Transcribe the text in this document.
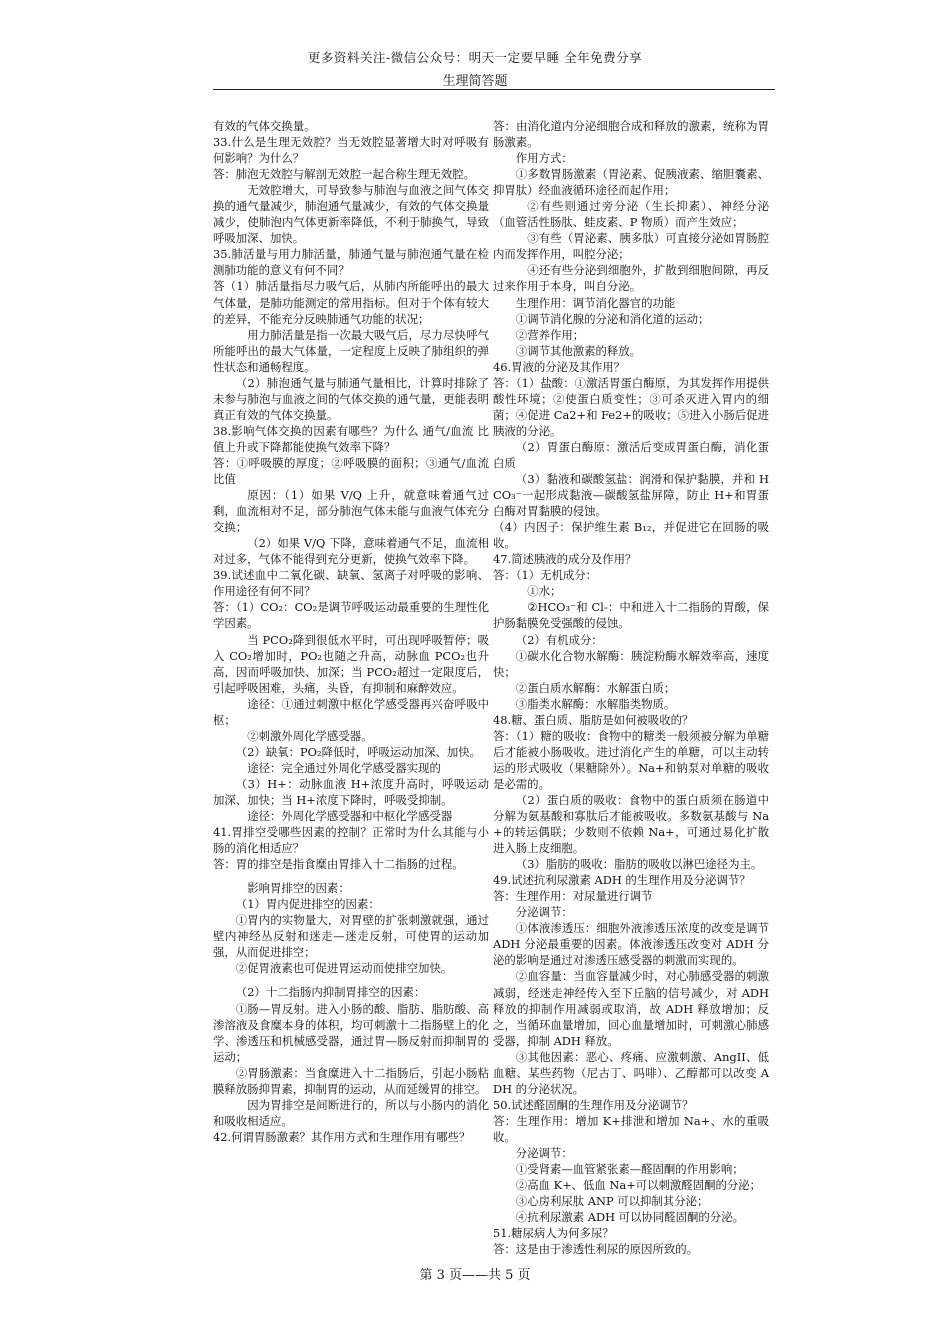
更多资料关注-微信公众号：明天一定要早睡 全年免费分享
生理简答题

有效的气体交换量。

33.什么是生理无效腔？当无效腔显著增大时对呼吸有何影响？为什么？

答：肺泡无效腔与解剖无效腔一起合称生理无效腔。

无效腔增大，可导致参与肺泡与血液之间气体交换的通气量减少，肺泡通气量减少，有效的气体交换量减少，使肺泡内气体更新率降低，不利于肺换气，导致呼吸加深、加快。

35.肺活量与用力肺活量，肺通气量与肺泡通气量在检测肺功能的意义有何不同？

答（1）肺活量指尽力吸气后，从肺内所能呼出的最大气体量，是肺功能测定的常用指标。但对于个体有较大的差异，不能充分反映肺通气功能的状况；

用力肺活量是指一次最大吸气后，尽力尽快呼气所能呼出的最大气体量，一定程度上反映了肺组织的弹性状态和通畅程度。

（2）肺泡通气量与肺通气量相比，计算时排除了未参与肺泡与血液之间的气体交换的通气量，更能表明真正有效的气体交换量。

38.影响气体交换的因素有哪些？为什么 通气/血流 比值上升或下降都能使换气效率下降？

答：①呼吸膜的厚度；②呼吸膜的面积；③通气/血流 比值

原因：（1）如果 V/Q 上升，就意味着通气过剩，血流相对不足，部分肺泡气体未能与血液气体充分交换；

（2）如果 V/Q 下降，意味着通气不足，血流相对过多，气体不能得到充分更新，使换气效率下降。

39.试述血中二氧化碳、缺氧、氢离子对呼吸的影响、作用途径有何不同？

答：（1）CO₂：CO₂是调节呼吸运动最重要的生理性化学因素。

当 PCO₂降到很低水平时，可出现呼吸暂停；吸入 CO₂增加时，PO₂也随之升高，动脉血 PCO₂也升高，因而呼吸加快、加深；当 PCO₂超过一定限度后，引起呼吸困难，头痛，头昏，有抑制和麻醉效应。

途径：①通过刺激中枢化学感受器再兴奋呼吸中枢；

②刺激外周化学感受器。

（2）缺氧：PO₂降低时，呼吸运动加深、加快。

途径：完全通过外周化学感受器实现的

（3）H+：动脉血液 H+浓度升高时，呼吸运动加深、加快；当 H+浓度下降时，呼吸受抑制。

途径：外周化学感受器和中枢化学感受器

41.胃排空受哪些因素的控制？正常时为什么其能与小肠的消化相适应？

答：胃的排空是指食糜由胃排入十二指肠的过程。

影响胃排空的因素：

（1）胃内促进排空的因素：

①胃内的实物量大，对胃壁的扩张刺激就强，通过壁内神经丛反射和迷走—迷走反射，可使胃的运动加强，从而促进排空；

②促胃液素也可促进胃运动而使排空加快。

（2）十二指肠内抑制胃排空的因素：

①肠—胃反射。进入小肠的酸、脂肪、脂肪酸、高渗溶液及食糜本身的体积，均可刺激十二指肠壁上的化学、渗透压和机械感受器，通过胃—肠反射而抑制胃的运动；

②胃肠激素：当食糜进入十二指肠后，引起小肠粘膜释放肠抑胃素，抑制胃的运动，从而延缓胃的排空。

因为胃排空是间断进行的，所以与小肠内的消化和吸收相适应。

42.何谓胃肠激素？其作用方式和生理作用有哪些？

答：由消化道内分泌细胞合成和释放的激素，统称为胃肠激素。

作用方式：

①多数胃肠激素（胃泌素、促胰液素、缩胆囊素、抑胃肽）经血液循环途径而起作用；

②有些则通过旁分泌（生长抑素）、神经分泌（血管活性肠肽、蛙皮素、P 物质）而产生效应；

③有些（胃泌素、胰多肽）可直接分泌如胃肠腔内而发挥作用，叫腔分泌；

④还有些分泌到细胞外，扩散到细胞间隙，再反过来作用于本身，叫自分泌。

生理作用：调节消化器官的功能

①调节消化腺的分泌和消化道的运动；

②营养作用；

③调节其他激素的释放。

46.胃液的分泌及其作用？

答：（1）盐酸：①激活胃蛋白酶原，为其发挥作用提供酸性环境；②使蛋白质变性；③可杀灭进入胃内的细菌；④促进 Ca2+和 Fe2+的吸收；⑤进入小肠后促进胰液的分泌。

（2）胃蛋白酶原：激活后变成胃蛋白酶，消化蛋白质

（3）黏液和碳酸氢盐：润滑和保护黏膜，并和 HCO₃⁻一起形成黏液—碳酸氢盐屏障，防止 H+和胃蛋白酶对胃黏膜的侵蚀。

（4）内因子：保护维生素 B₁₂，并促进它在回肠的吸收。

47.简述胰液的成分及作用？

答：（1）无机成分：

①水；

②HCO₃⁻和 Cl-：中和进入十二指肠的胃酸，保护肠黏膜免受强酸的侵蚀。

（2）有机成分：

①碳水化合物水解酶：胰淀粉酶水解效率高，速度快；

②蛋白质水解酶：水解蛋白质；

③脂类水解酶：水解脂类物质。

48.糖、蛋白质、脂肪是如何被吸收的？

答：（1）糖的吸收：食物中的糖类一般须被分解为单糖后才能被小肠吸收。进过消化产生的单糖，可以主动转运的形式吸收（果糖除外）。Na+和钠泵对单糖的吸收是必需的。

（2）蛋白质的吸收：食物中的蛋白质须在肠道中分解为氨基酸和寡肽后才能被吸收。多数氨基酸与 Na+的转运偶联；少数则不依赖 Na+，可通过易化扩散进入肠上皮细胞。

（3）脂肪的吸收：脂肪的吸收以淋巴途径为主。

49.试述抗利尿激素 ADH 的生理作用及分泌调节？

答：生理作用：对尿量进行调节

分泌调节：

①体液渗透压：细胞外液渗透压浓度的改变是调节 ADH 分泌最重要的因素。体液渗透压改变对 ADH 分泌的影响是通过对渗透压感受器的刺激而实现的。

②血容量：当血容量减少时，对心肺感受器的刺激减弱，经迷走神经传入至下丘脑的信号减少，对 ADH 释放的抑制作用减弱或取消，故 ADH 释放增加；反之，当循环血量增加，回心血量增加时，可刺激心肺感受器，抑制 ADH 释放。

③其他因素：恶心、疼痛、应激刺激、AngII、低血糖、某些药物（尼古丁、吗啡）、乙醇都可以改变 ADH 的分泌状况。

50.试述醛固酮的生理作用及分泌调节？

答：生理作用：增加 K+排泄和增加 Na+、水的重吸收。

分泌调节：

①受肾素—血管紧张素—醛固酮的作用影响；

②高血 K+、低血 Na+可以刺激醛固酮的分泌；

③心房利尿肽 ANP 可以抑制其分泌；

④抗利尿激素 ADH 可以协同醛固酮的分泌。

51.糖尿病人为何多尿？

答：这是由于渗透性利尿的原因所致的。

第 3 页——共 5 页
